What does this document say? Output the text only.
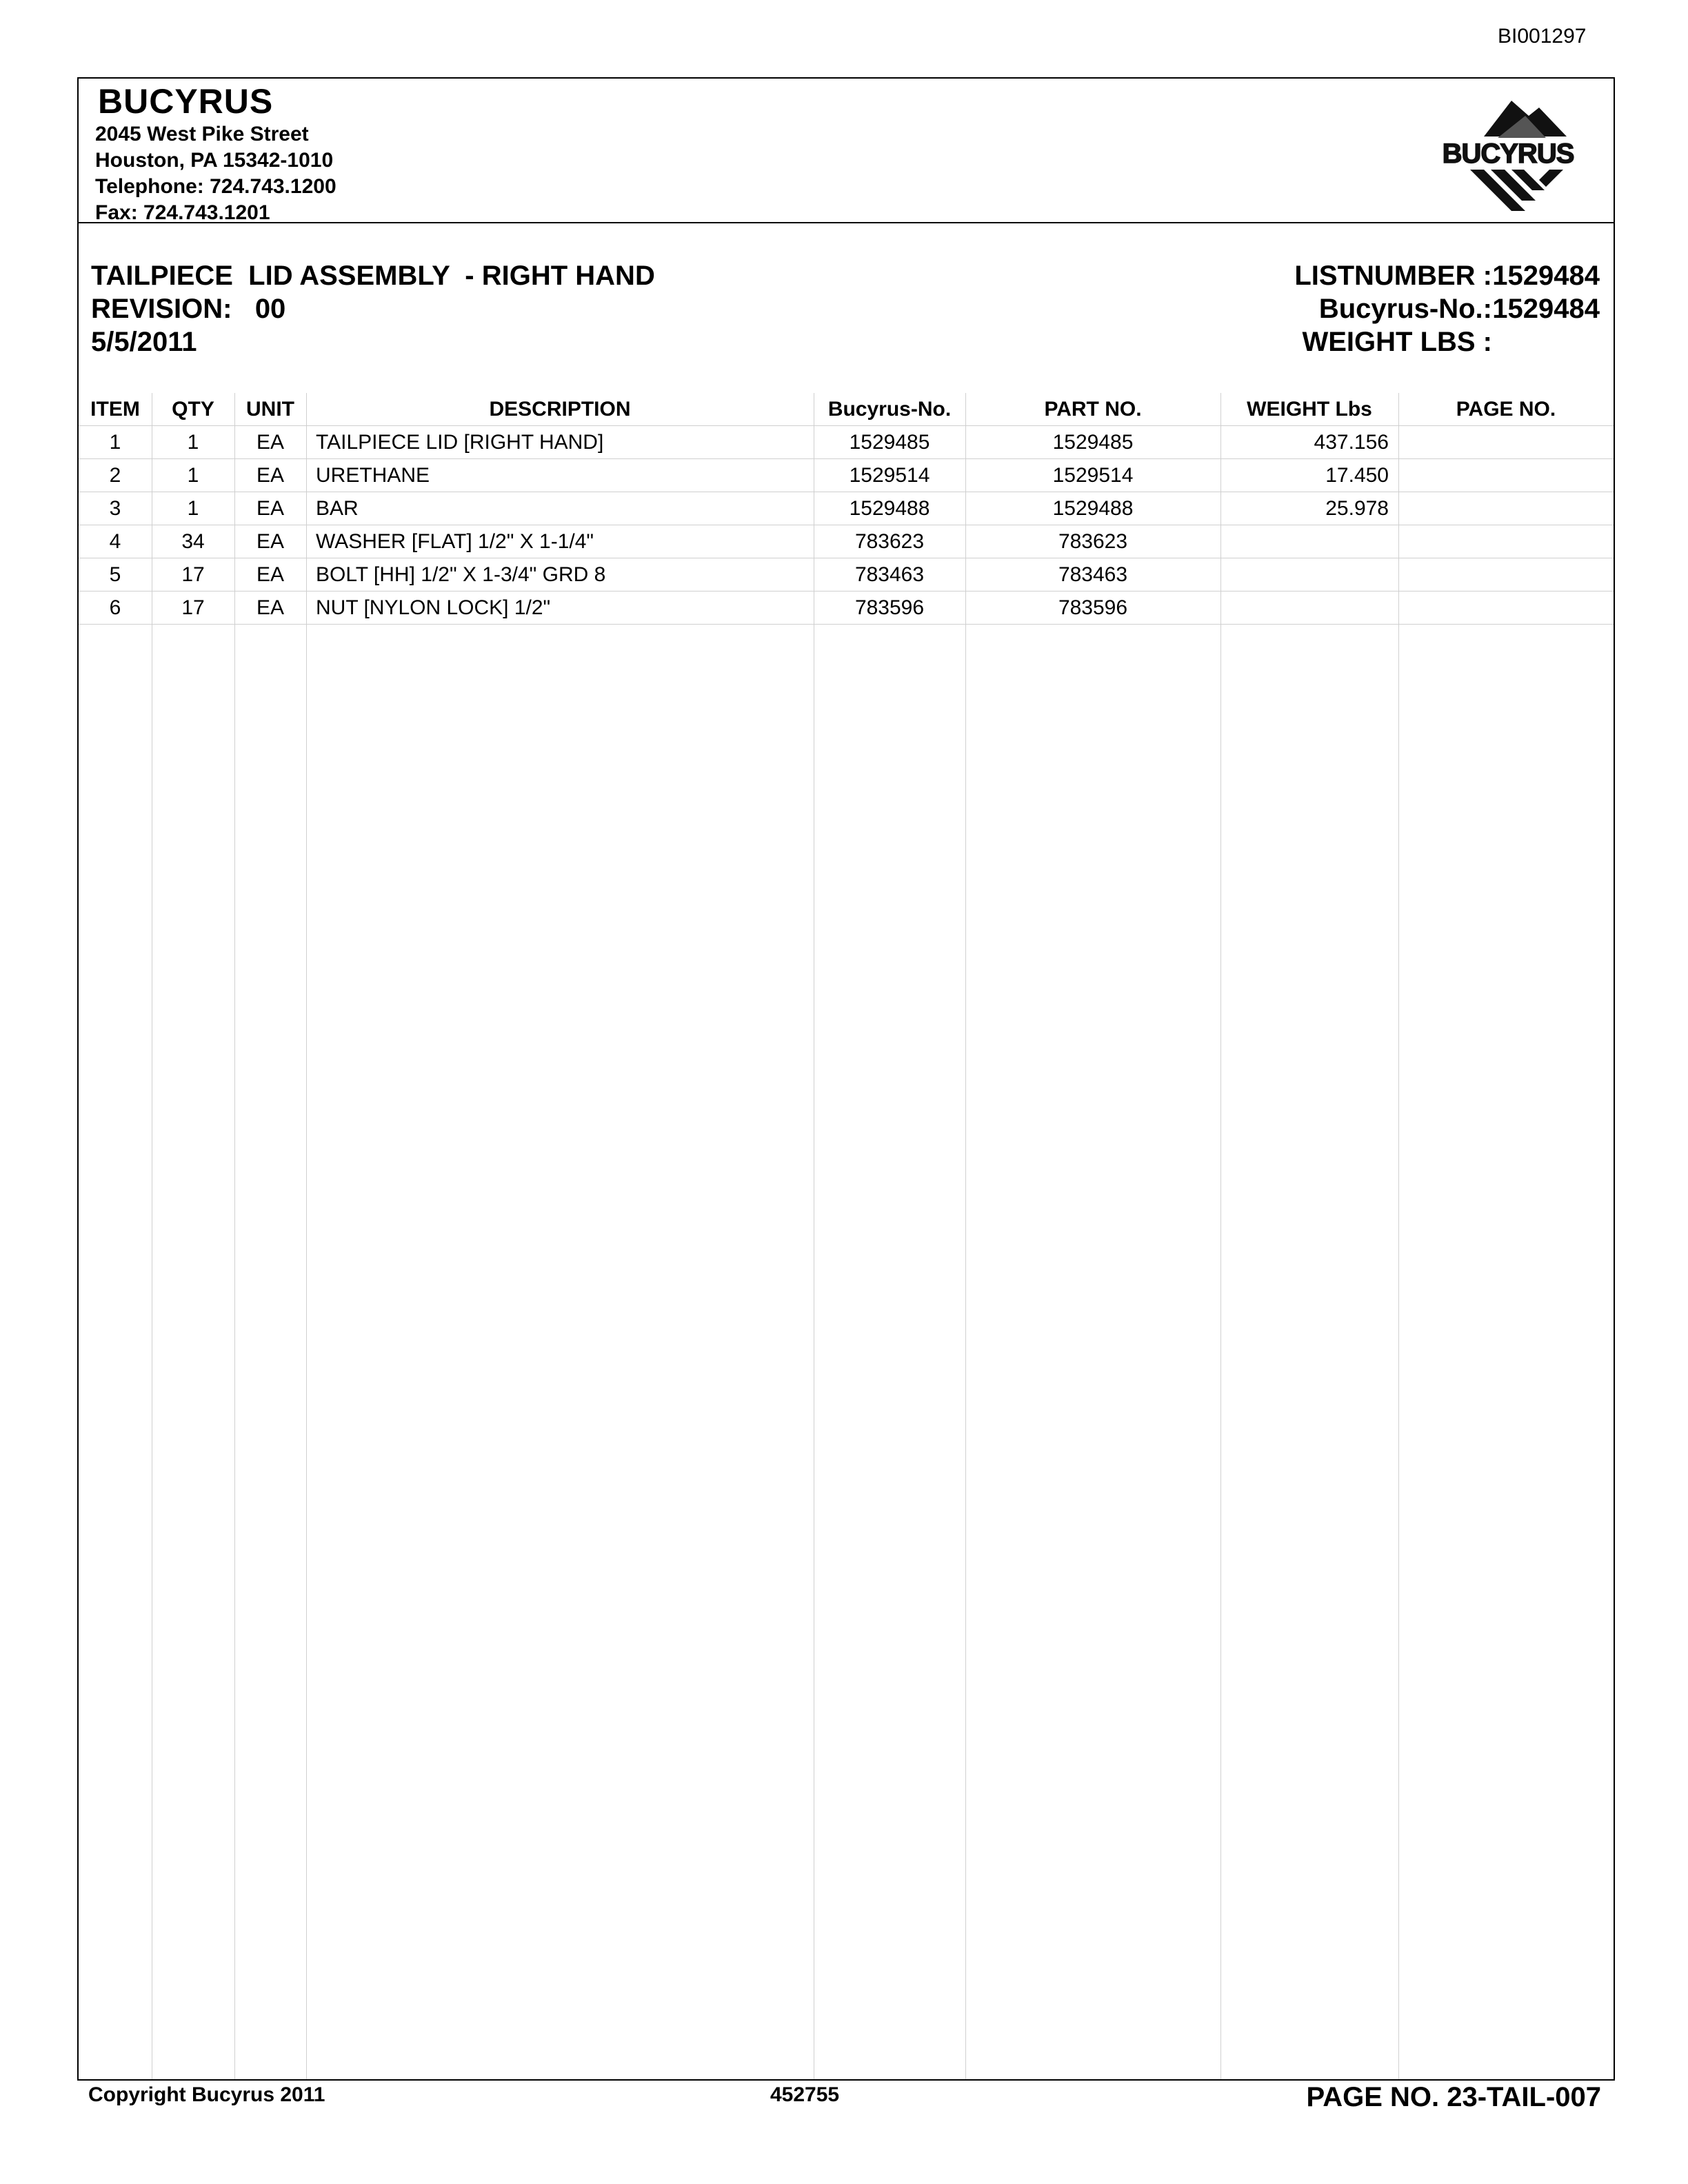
BI001297
BUCYRUS
2045 West Pike Street
Houston, PA 15342-1010
Telephone: 724.743.1200
Fax: 724.743.1201
BUCYRUS
TAILPIECE  LID ASSEMBLY  - RIGHT HAND
REVISION:   00
5/5/2011
LISTNUMBER : 1529484
Bucyrus-No.: 1529484
WEIGHT LBS :
ITEM	QTY	UNIT	DESCRIPTION	Bucyrus-No.	PART NO.	WEIGHT Lbs	PAGE NO.
1	1	EA	TAILPIECE LID [RIGHT HAND]	1529485	1529485	437.156
2	1	EA	URETHANE	1529514	1529514	17.450
3	1	EA	BAR	1529488	1529488	25.978
4	34	EA	WASHER [FLAT] 1/2" X 1-1/4"	783623	783623
5	17	EA	BOLT [HH] 1/2" X 1-3/4" GRD 8	783463	783463
6	17	EA	NUT [NYLON LOCK] 1/2"	783596	783596
Copyright Bucyrus 2011	452755	PAGE NO. 23-TAIL-007
